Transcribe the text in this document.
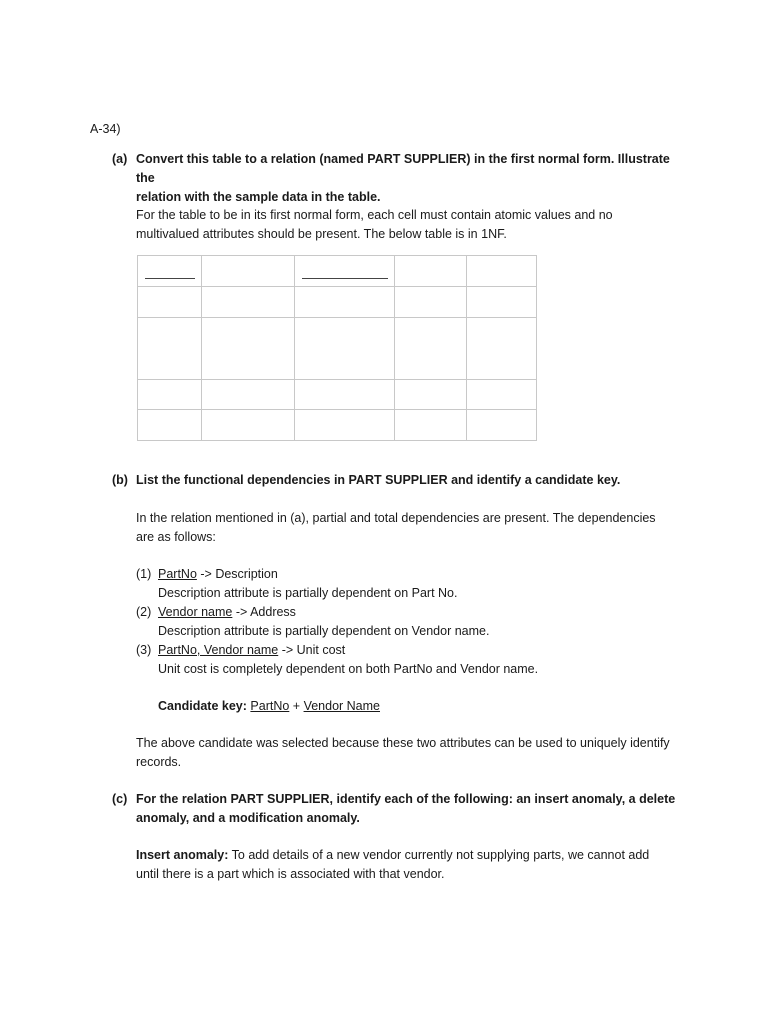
A-34)
(a) Convert this table to a relation (named PART SUPPLIER) in the first normal form. Illustrate the
relation with the sample data in the table.
For the table to be in its first normal form, each cell must contain atomic values and no
multivalued attributes should be present. The below table is in 1NF.

(b) List the functional dependencies in PART SUPPLIER and identify a candidate key.
In the relation mentioned in (a), partial and total dependencies are present. The dependencies
are as follows:
(1) PartNo -> Description
Description attribute is partially dependent on Part No.
(2) Vendor name -> Address
Description attribute is partially dependent on Vendor name.
(3) PartNo, Vendor name -> Unit cost
Unit cost is completely dependent on both PartNo and Vendor name.
Candidate key: PartNo + Vendor Name
The above candidate was selected because these two attributes can be used to uniquely identify
records.
(c) For the relation PART SUPPLIER, identify each of the following: an insert anomaly, a delete
anomaly, and a modification anomaly.
Insert anomaly: To add details of a new vendor currently not supplying parts, we cannot add
until there is a part which is associated with that vendor.
